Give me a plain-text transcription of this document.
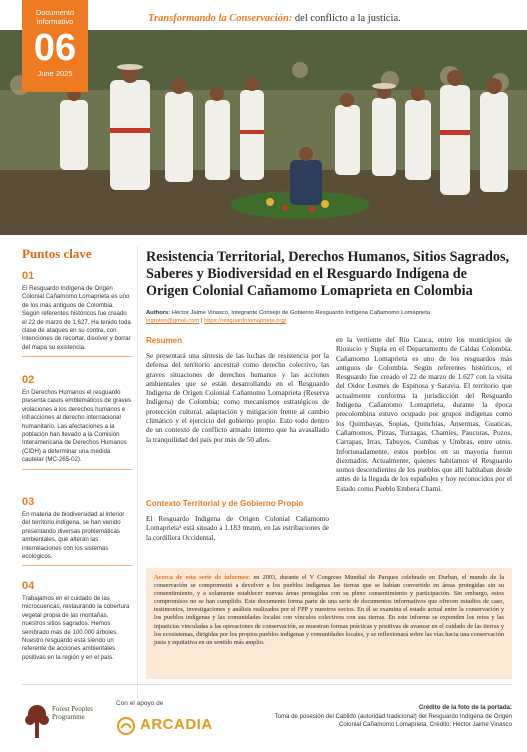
Documento informativo
06
June 2025
Transformando la Conservación: del conflicto a la justicia.
Puntos clave
01
El Resguardo Indígena de Origen Colonial Cañamomo Lomaprieta es uno de los más antiguos de Colombia. Según referentes históricos fue creado el 22 de marzo de 1.627. Ha tenido toda clase de ataques en su contra, con intenciones de recortar, disolver y borrar del mapa su existencia.
02
En Derechos Humanos el resguardo presenta casos emblemáticos de graves violaciones a los derechos humanos e infracciones al derecho internacional humanitario. Las afectaciones a la población han llevado a la Comisión Interamericana de Derechos Humanos (CIDH) a determinar una medida cautelar (MC-265-02).
03
En materia de biodiversidad al interior del territorio indígena, se han venido presentando diversas problemáticas ambientales, que alteran las interrelaciones con los sistemas ecológicos.
04
Trabajamos en el cuidado de las microcuencas, restaurando la cobertura vegetal propia de las montañas, nuestros sitios sagrados. Hemos sembrado más de 100.000 árboles. Nuestro resguardo está siendo un referente de acciones ambientales positivas en la región y en el país.
Resistencia Territorial, Derechos Humanos, Sitios Sagrados, Saberes y Biodiversidad en el Resguardo Indígena de Origen Colonial Cañamomo Lomaprieta en Colombia
Authors: Héctor Jaime Vinasco, Integrante Consejo de Gobierno Resguardo Indígena Cañamomo Lomaprieta
ingruteo@gmail.com | https://resguardolomaprieta.org/
Resumen
Se presentará una síntesis de las luchas de resistencia por la defensa del territorio ancestral como derecho colectivo, las graves situaciones de derechos humanos y las acciones ambientales que se están desarrollando en el Resguardo Indígena de Origen Colonial Cañamomo Lomaprieta (Reserva Indígena) de Colombia; como mecanismos estratégicos de protección cultural, adaptación y mitigación frente al cambio climático y el ejercicio del gobierno propio. Esto todo dentro de un contexto de conflicto armado interno que ha avasallado la tranquilidad del país por más de 50 años.
Contexto Territorial y de Gobierno Propio
El Resguardo Indígena de Origen Colonial Cañamomo Lomaprieta¹ está situado a 1.183 msnm, en las estribaciones de la cordillera Occidental,
en la vertiente del Río Cauca, entre los municipios de Riosucio y Supía en el Departamento de Caldas Colombia. Cañamomo Lomaprieta es uno de los resguardos más antiguos de Colombia. Según referentes históricos, el Resguardo fue creado el 22 de marzo de 1.627 con la visita del Oidor Lesmes de Espinosa y Saravia. El territorio que actualmente conforma la jurisdicción del Resguardo Indígena Cañamomo Lomaprieta, durante la época precolombina estuvo ocupado por grupos indígenas como los Quimbayas, Sopias, Quinchias, Ansermas, Guaticas, Cañamomos, Pirzas, Turzagas, Chamíes, Paucuras, Pozos, Carrapas, Irras, Tabuyos, Cumbas y Umbras, entre otros. Infortunadamente, estos pueblos en su mayoría fueron diezmados. Actualmente, quienes habitamos el Resguardo somos descendientes de los pueblos que allí habitaban desde antes de la llegada de los españoles y hoy reconocidos por el Estado como Pueblo Embera Chamí.
Acerca de esta serie de informes: en 2003, durante el V Congreso Mundial de Parques celebrado en Durban, el mundo de la conservación se comprometió a devolver a los pueblos indígenas las tierras que se habían convertido en áreas protegidas sin su consentimiento, y a solamente establecer nuevas áreas protegidas con su pleno consentimiento y participación. Sin embargo, estos compromisos no se han cumplido. Este documento forma parte de una serie de documentos informativos que ofrecen estudios de caso, testimonios, investigaciones y análisis realizados por el FPP y nuestros socios. En él se examina el estado actual entre la conservación y los pueblos indígenas y las comunidades locales con vínculos colectivos con sus tierras. En este informe se exponden los retos y las injusticias vinculadas a las operaciones de conservación, se muestran formas prácticas y positivas de avanzar en el cuidado de las tierras y los ecosistemas, dirigidas por los propios pueblos indígenas y comunidades locales, y se reflexionará sobre las vías hacia una conservación justa y equitativa en un sentido más amplio.
Forest Peoples Programme
Con el apoyo de
ARCADIA
Crédito de la foto de la portada:
Toma de posesión del Cabildo (autoridad tradicional) del Resguardo Indígena de Origen Colonial Cañamomo Lomaprieta. Crédito: Héctor Jaime Vinasco
